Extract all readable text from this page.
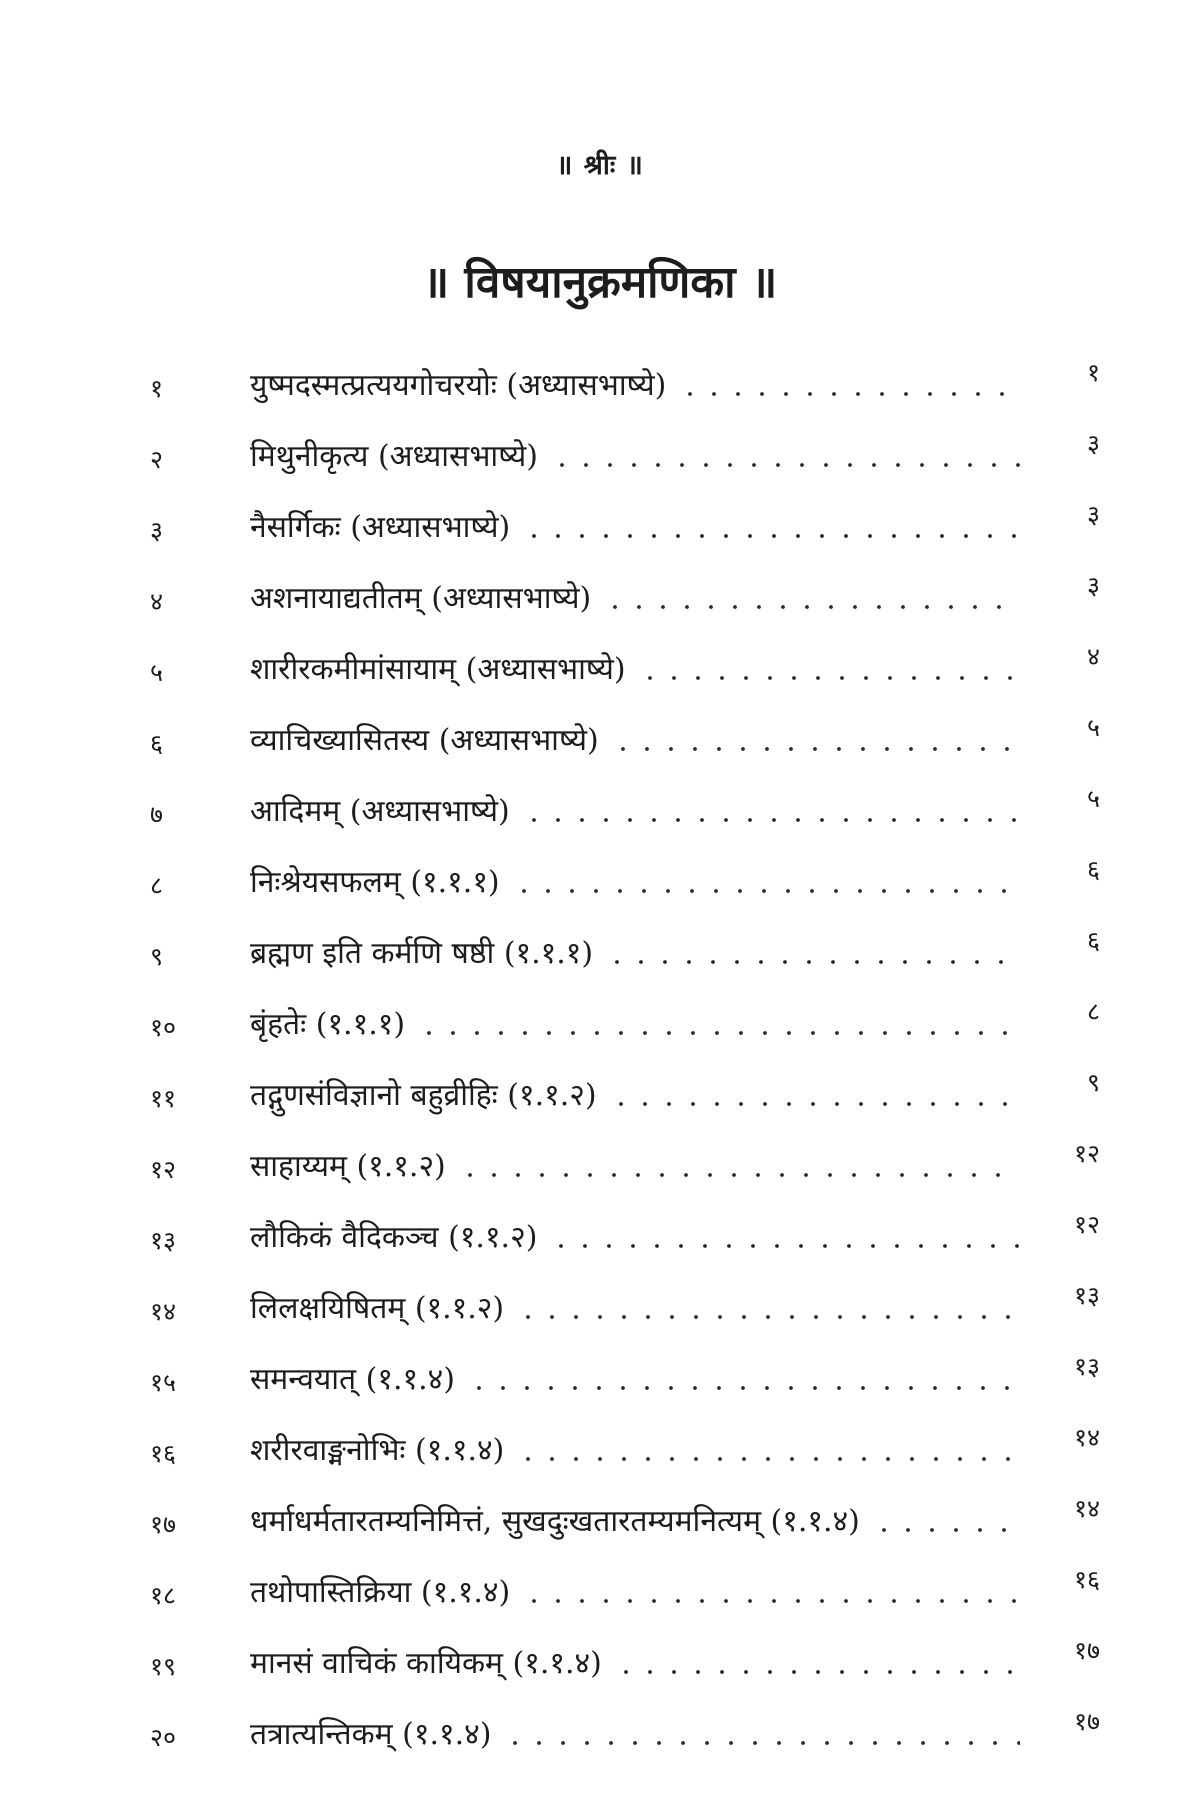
॥ श्रीः ॥
॥ विषयानुक्रमणिका ॥
१	युष्मदस्मत्प्रत्ययगोचरयोः (अध्यासभाष्ये)	१
२	मिथुनीकृत्य (अध्यासभाष्ये)	३
३	नैसर्गिकः (अध्यासभाष्ये)	३
४	अशनायाद्यतीतम् (अध्यासभाष्ये)	३
५	शारीरकमीमांसायाम् (अध्यासभाष्ये)	४
६	व्याचिख्यासितस्य (अध्यासभाष्ये)	५
७	आदिमम् (अध्यासभाष्ये)	५
८	निःश्रेयसफलम् (१.१.१)	६
९	ब्रह्मण इति कर्मणि षष्ठी (१.१.१)	६
१०	बृंहतेः (१.१.१)	८
११	तद्गुणसंविज्ञानो बहुव्रीहिः (१.१.२)	९
१२	साहाय्यम् (१.१.२)	१२
१३	लौकिकं वैदिकञ्च (१.१.२)	१२
१४	लिलक्षयिषितम् (१.१.२)	१३
१५	समन्वयात् (१.१.४)	१३
१६	शरीरवाङ्मनोभिः (१.१.४)	१४
१७	धर्माधर्मतारतम्यनिमित्तं, सुखदुःखतारतम्यमनित्यम् (१.१.४)	१४
१८	तथोपास्तिक्रिया (१.१.४)	१६
१९	मानसं वाचिकं कायिकम् (१.१.४)	१७
२०	तत्रात्यन्तिकम् (१.१.४)	१७
